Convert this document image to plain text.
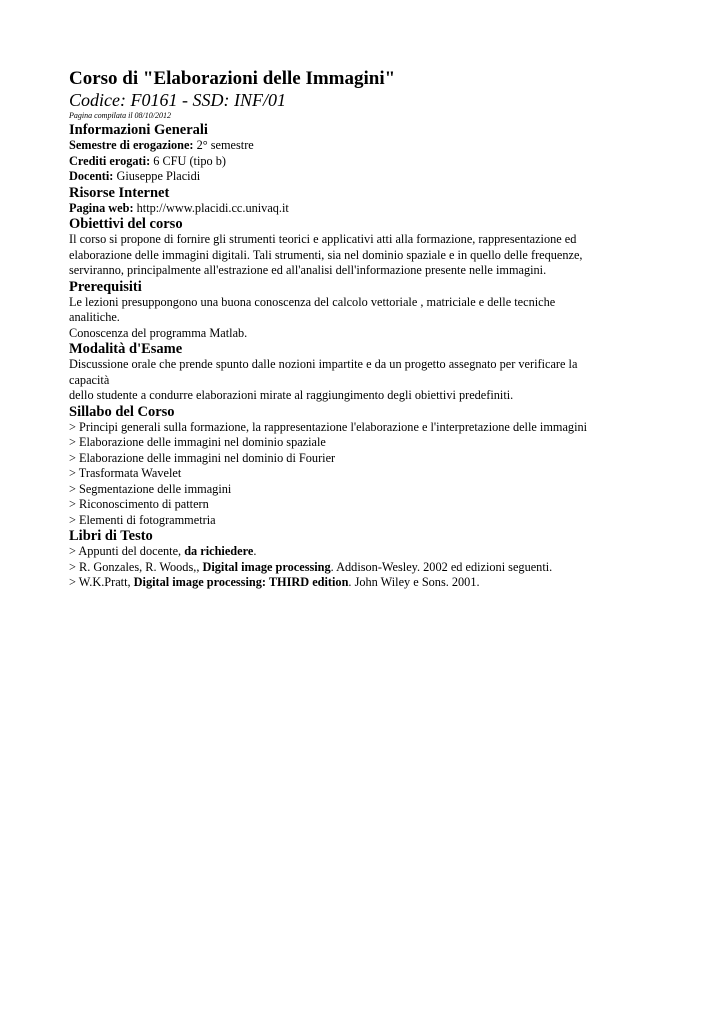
Corso di "Elaborazioni delle Immagini"
Codice: F0161 - SSD: INF/01
Pagina compilata il 08/10/2012
Informazioni Generali
Semestre di erogazione: 2° semestre
Crediti erogati: 6 CFU (tipo b)
Docenti: Giuseppe Placidi
Risorse Internet
Pagina web: http://www.placidi.cc.univaq.it
Obiettivi del corso
Il corso si propone di fornire gli strumenti teorici e applicativi atti alla formazione, rappresentazione ed
elaborazione delle immagini digitali. Tali strumenti, sia nel dominio spaziale e in quello delle frequenze,
serviranno, principalmente all'estrazione ed all'analisi dell'informazione presente nelle immagini.
Prerequisiti
Le lezioni presuppongono una buona conoscenza del calcolo vettoriale , matriciale e delle tecniche
analitiche.
Conoscenza del programma Matlab.
Modalità d'Esame
Discussione orale che prende spunto dalle nozioni impartite e da un progetto assegnato per verificare la
capacità
dello studente a condurre elaborazioni mirate al raggiungimento degli obiettivi predefiniti.
Sillabo del Corso
> Principi generali sulla formazione, la rappresentazione l'elaborazione e l'interpretazione delle immagini
> Elaborazione delle immagini nel dominio spaziale
> Elaborazione delle immagini nel dominio di Fourier
> Trasformata Wavelet
> Segmentazione delle immagini
> Riconoscimento di pattern
> Elementi di fotogrammetria
Libri di Testo
> Appunti del docente, da richiedere.
> R. Gonzales, R. Woods,, Digital image processing. Addison-Wesley. 2002 ed edizioni seguenti.
> W.K.Pratt, Digital image processing: THIRD edition. John Wiley e Sons. 2001.
